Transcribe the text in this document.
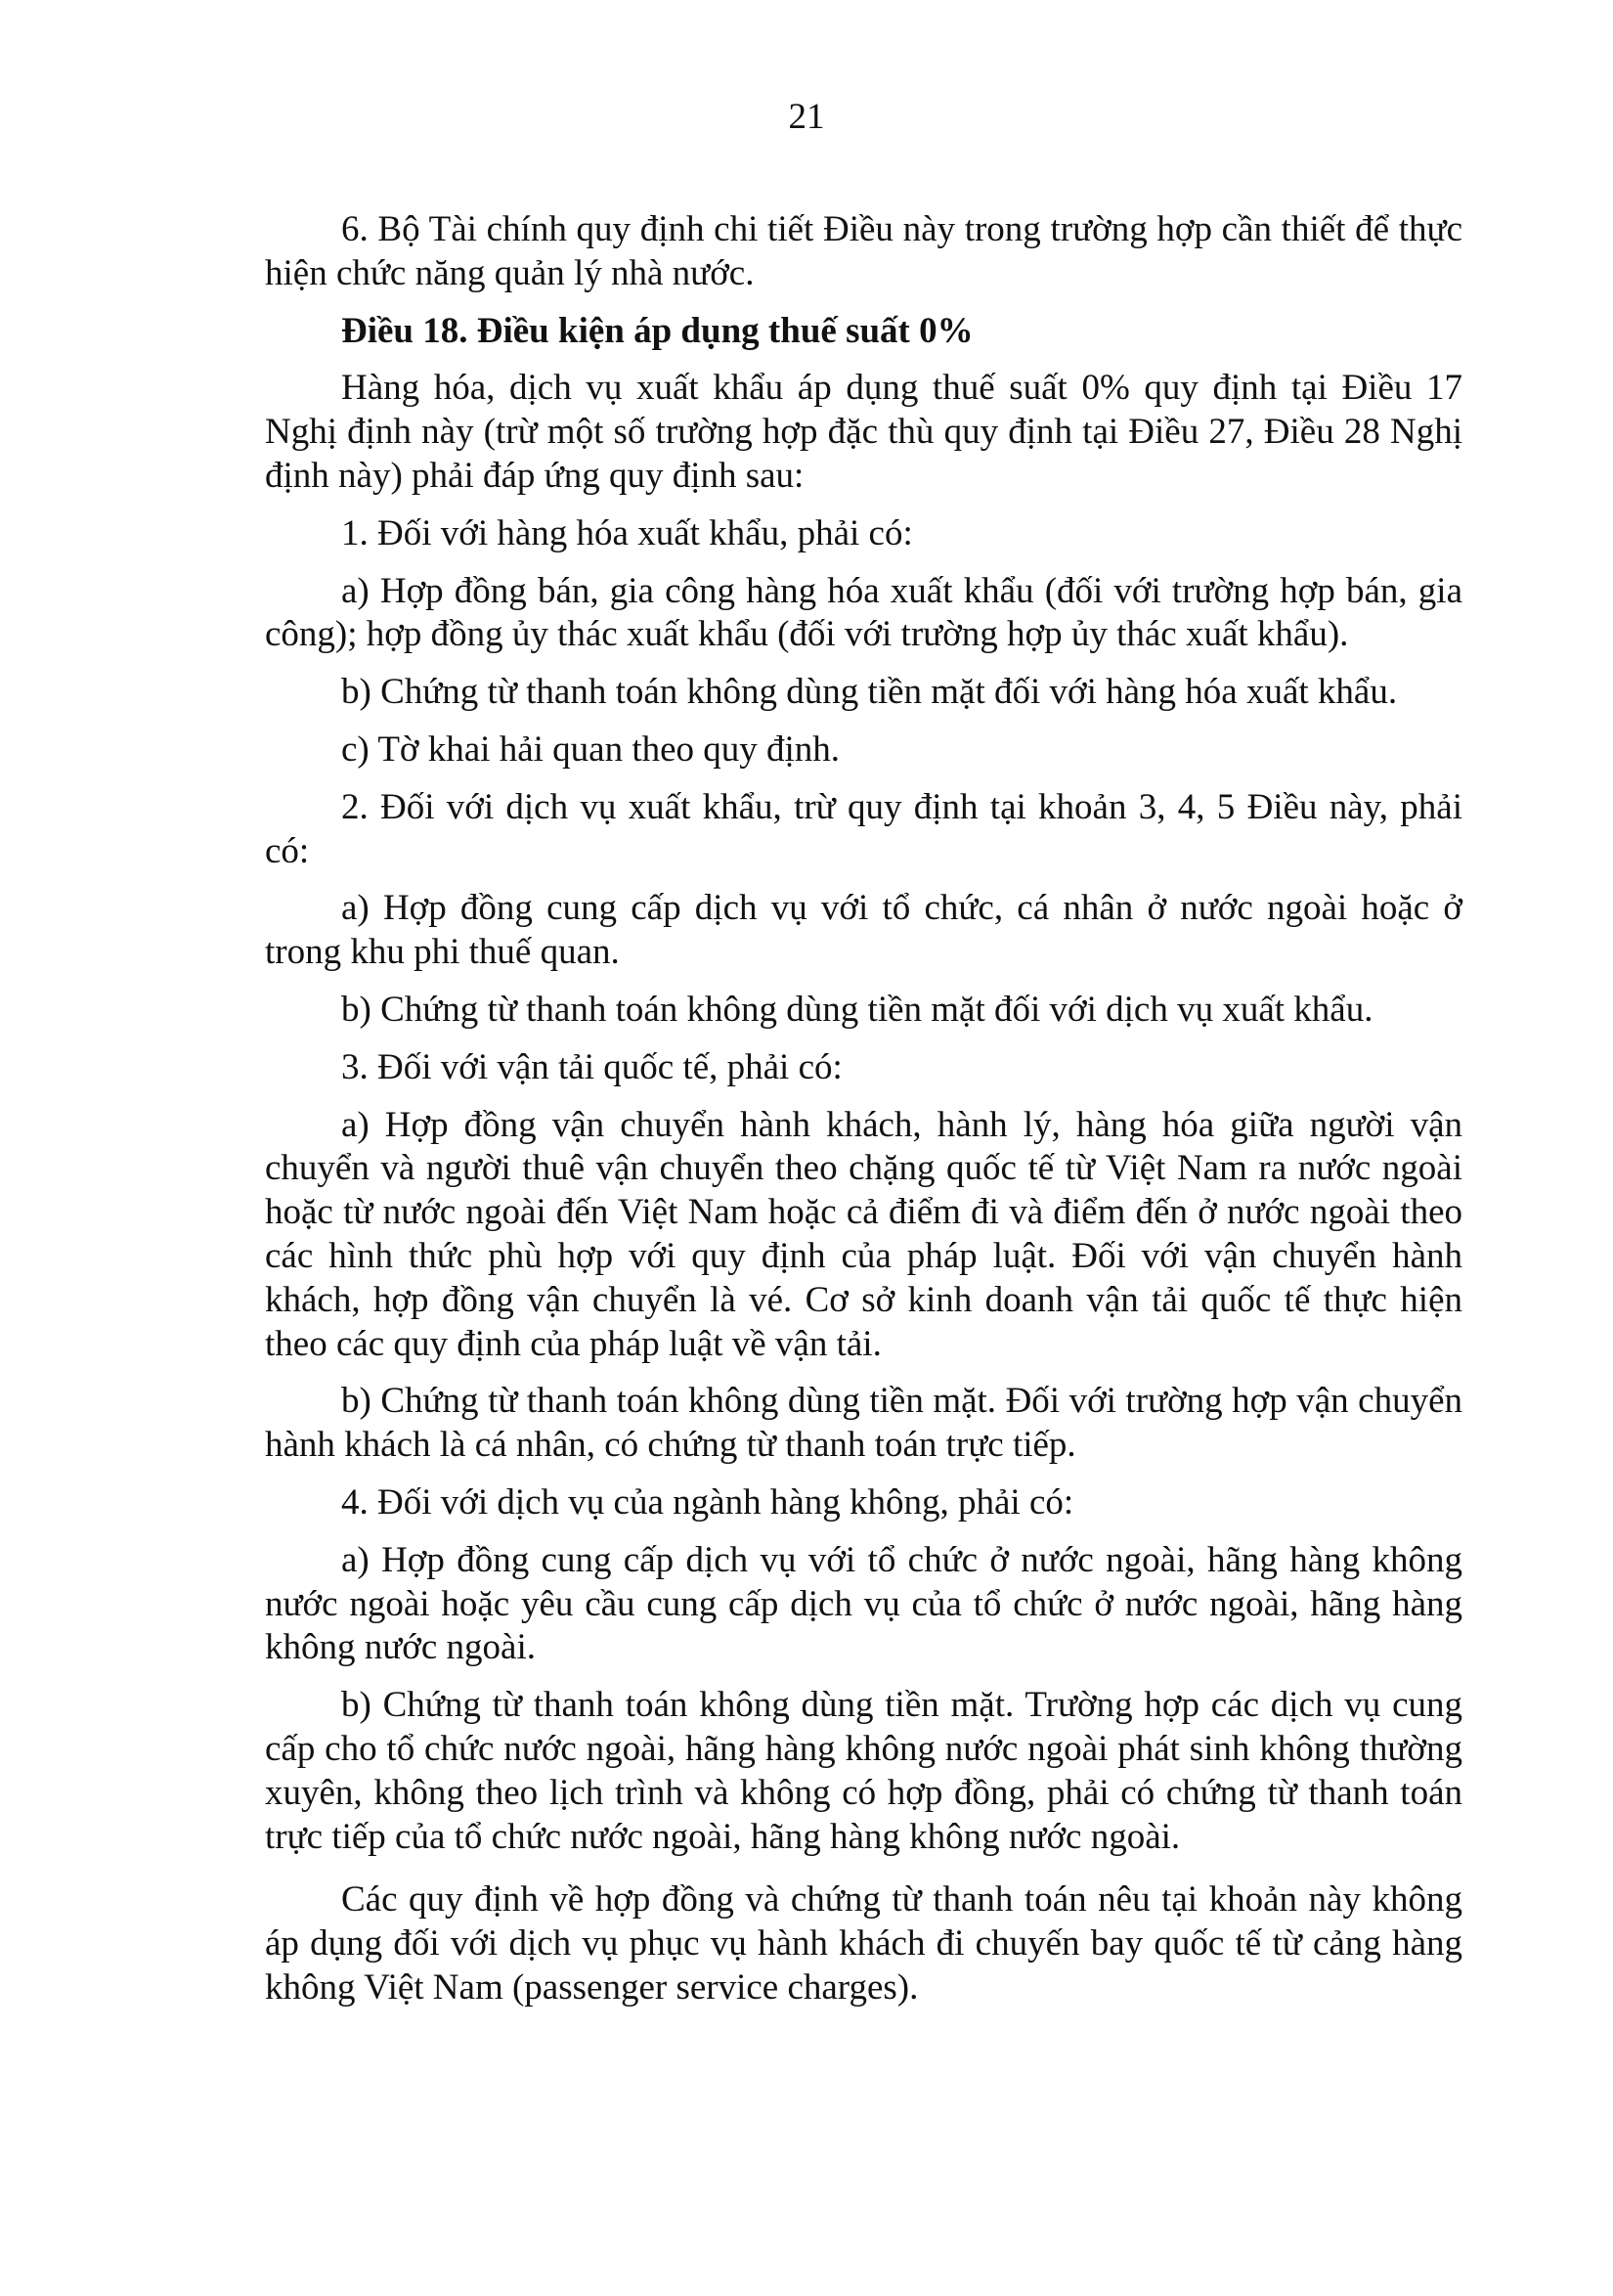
21

6. Bộ Tài chính quy định chi tiết Điều này trong trường hợp cần thiết để thực hiện chức năng quản lý nhà nước.

Điều 18. Điều kiện áp dụng thuế suất 0%

Hàng hóa, dịch vụ xuất khẩu áp dụng thuế suất 0% quy định tại Điều 17 Nghị định này (trừ một số trường hợp đặc thù quy định tại Điều 27, Điều 28 Nghị định này) phải đáp ứng quy định sau:

1. Đối với hàng hóa xuất khẩu, phải có:

a) Hợp đồng bán, gia công hàng hóa xuất khẩu (đối với trường hợp bán, gia công); hợp đồng ủy thác xuất khẩu (đối với trường hợp ủy thác xuất khẩu).

b) Chứng từ thanh toán không dùng tiền mặt đối với hàng hóa xuất khẩu.

c) Tờ khai hải quan theo quy định.

2. Đối với dịch vụ xuất khẩu, trừ quy định tại khoản 3, 4, 5 Điều này, phải có:

a) Hợp đồng cung cấp dịch vụ với tổ chức, cá nhân ở nước ngoài hoặc ở trong khu phi thuế quan.

b) Chứng từ thanh toán không dùng tiền mặt đối với dịch vụ xuất khẩu.

3. Đối với vận tải quốc tế, phải có:

a) Hợp đồng vận chuyển hành khách, hành lý, hàng hóa giữa người vận chuyển và người thuê vận chuyển theo chặng quốc tế từ Việt Nam ra nước ngoài hoặc từ nước ngoài đến Việt Nam hoặc cả điểm đi và điểm đến ở nước ngoài theo các hình thức phù hợp với quy định của pháp luật. Đối với vận chuyển hành khách, hợp đồng vận chuyển là vé. Cơ sở kinh doanh vận tải quốc tế thực hiện theo các quy định của pháp luật về vận tải.

b) Chứng từ thanh toán không dùng tiền mặt. Đối với trường hợp vận chuyển hành khách là cá nhân, có chứng từ thanh toán trực tiếp.

4. Đối với dịch vụ của ngành hàng không, phải có:

a) Hợp đồng cung cấp dịch vụ với tổ chức ở nước ngoài, hãng hàng không nước ngoài hoặc yêu cầu cung cấp dịch vụ của tổ chức ở nước ngoài, hãng hàng không nước ngoài.

b) Chứng từ thanh toán không dùng tiền mặt. Trường hợp các dịch vụ cung cấp cho tổ chức nước ngoài, hãng hàng không nước ngoài phát sinh không thường xuyên, không theo lịch trình và không có hợp đồng, phải có chứng từ thanh toán trực tiếp của tổ chức nước ngoài, hãng hàng không nước ngoài.

Các quy định về hợp đồng và chứng từ thanh toán nêu tại khoản này không áp dụng đối với dịch vụ phục vụ hành khách đi chuyến bay quốc tế từ cảng hàng không Việt Nam (passenger service charges).
